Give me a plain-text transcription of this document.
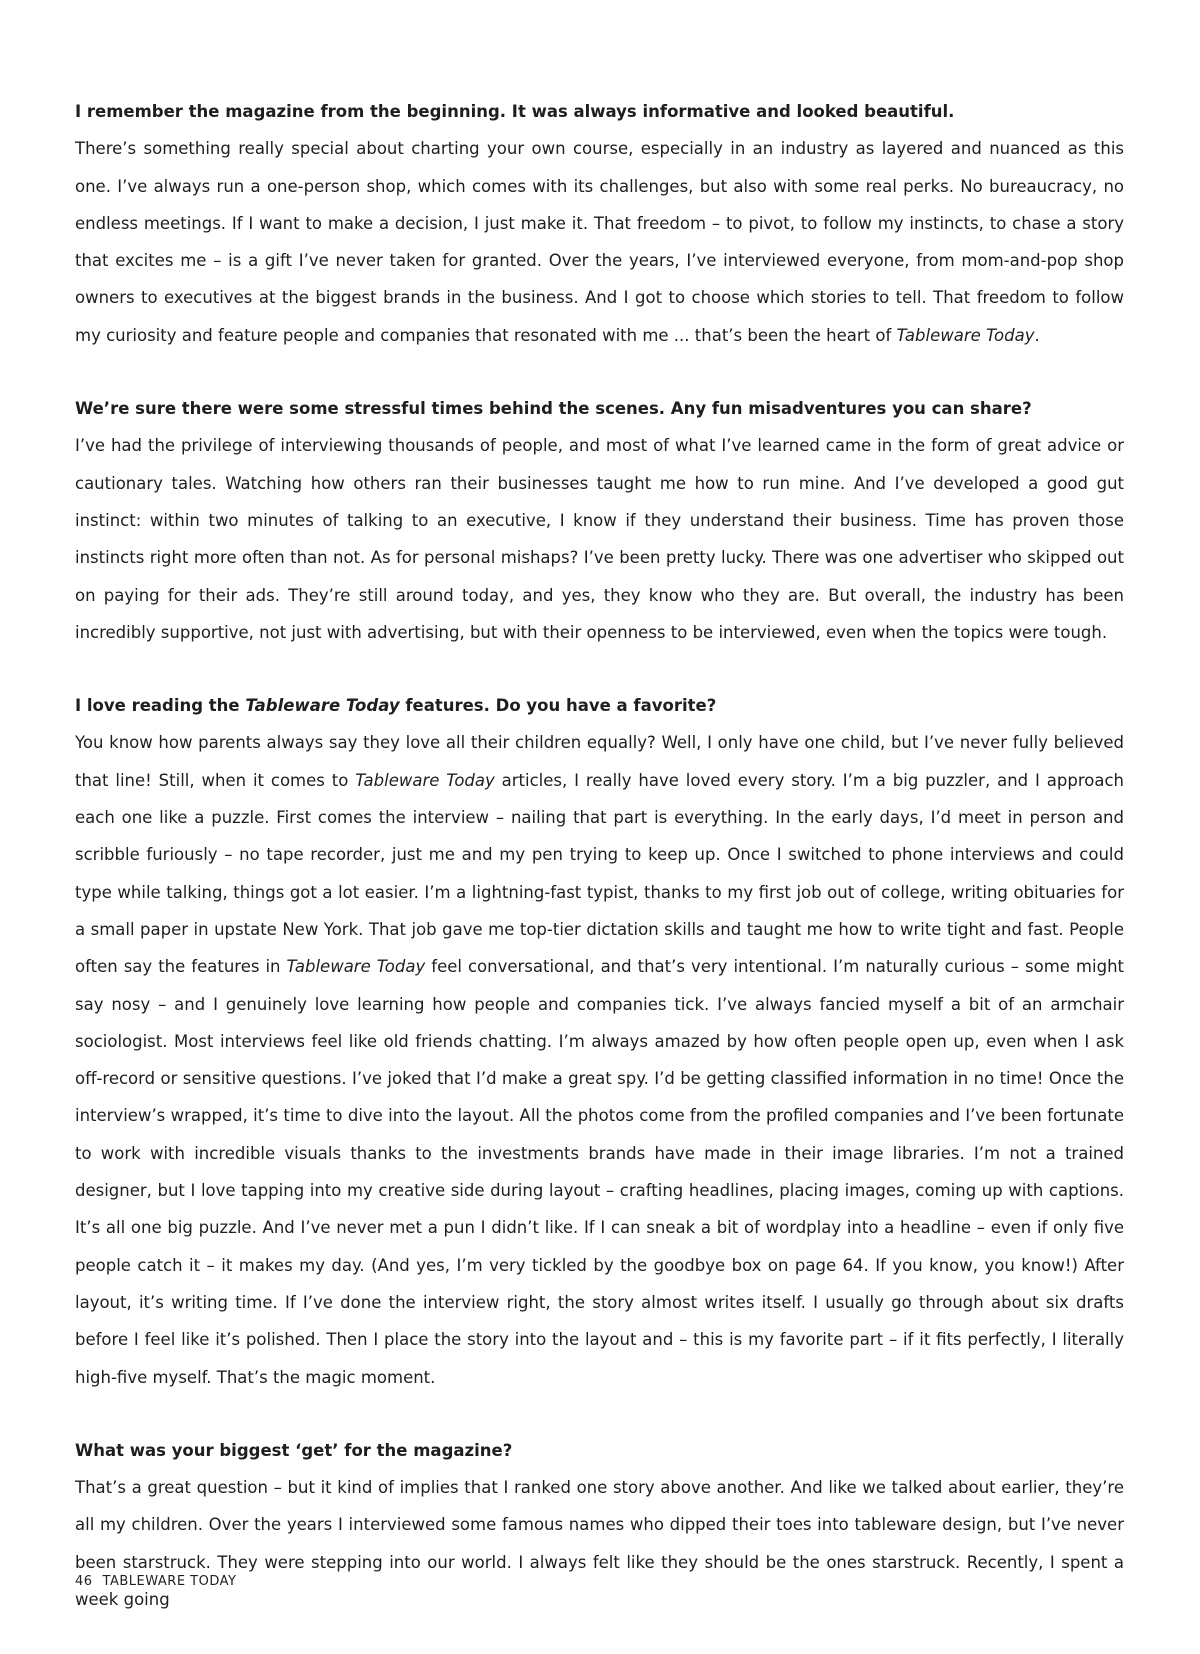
I remember the magazine from the beginning. It was always informative and looked beautiful.

There’s something really special about charting your own course, especially in an industry as layered and nuanced as this one. I’ve always run a one-person shop, which comes with its challenges, but also with some real perks. No bureaucracy, no endless meetings. If I want to make a decision, I just make it. That freedom – to pivot, to follow my instincts, to chase a story that excites me – is a gift I’ve never taken for granted. Over the years, I’ve interviewed everyone, from mom-and-pop shop owners to executives at the biggest brands in the business. And I got to choose which stories to tell. That freedom to follow my curiosity and feature people and companies that resonated with me ... that’s been the heart of Tableware Today.

We’re sure there were some stressful times behind the scenes. Any fun misadventures you can share?

I’ve had the privilege of interviewing thousands of people, and most of what I’ve learned came in the form of great advice or cautionary tales. Watching how others ran their businesses taught me how to run mine. And I’ve developed a good gut instinct: within two minutes of talking to an executive, I know if they understand their business. Time has proven those instincts right more often than not. As for personal mishaps? I’ve been pretty lucky. There was one advertiser who skipped out on paying for their ads. They’re still around today, and yes, they know who they are. But overall, the industry has been incredibly supportive, not just with advertising, but with their openness to be interviewed, even when the topics were tough.

I love reading the Tableware Today features. Do you have a favorite?

You know how parents always say they love all their children equally? Well, I only have one child, but I’ve never fully believed that line! Still, when it comes to Tableware Today articles, I really have loved every story. I’m a big puzzler, and I approach each one like a puzzle. First comes the interview – nailing that part is everything. In the early days, I’d meet in person and scribble furiously – no tape recorder, just me and my pen trying to keep up. Once I switched to phone interviews and could type while talking, things got a lot easier. I’m a lightning-fast typist, thanks to my first job out of college, writing obituaries for a small paper in upstate New York. That job gave me top-tier dictation skills and taught me how to write tight and fast. People often say the features in Tableware Today feel conversational, and that’s very intentional. I’m naturally curious – some might say nosy – and I genuinely love learning how people and companies tick. I’ve always fancied myself a bit of an armchair sociologist. Most interviews feel like old friends chatting. I’m always amazed by how often people open up, even when I ask off-record or sensitive questions. I’ve joked that I’d make a great spy. I’d be getting classified information in no time! Once the interview’s wrapped, it’s time to dive into the layout. All the photos come from the profiled companies and I’ve been fortunate to work with incredible visuals thanks to the investments brands have made in their image libraries. I’m not a trained designer, but I love tapping into my creative side during layout – crafting headlines, placing images, coming up with captions. It’s all one big puzzle. And I’ve never met a pun I didn’t like. If I can sneak a bit of wordplay into a headline – even if only five people catch it – it makes my day. (And yes, I’m very tickled by the goodbye box on page 64. If you know, you know!) After layout, it’s writing time. If I’ve done the interview right, the story almost writes itself. I usually go through about six drafts before I feel like it’s polished. Then I place the story into the layout and – this is my favorite part – if it fits perfectly, I literally high-five myself. That’s the magic moment.

What was your biggest ‘get’ for the magazine?

That’s a great question – but it kind of implies that I ranked one story above another. And like we talked about earlier, they’re all my children. Over the years I interviewed some famous names who dipped their toes into tableware design, but I’ve never been starstruck. They were stepping into our world. I always felt like they should be the ones starstruck. Recently, I spent a week going

46 TABLEWARE TODAY
